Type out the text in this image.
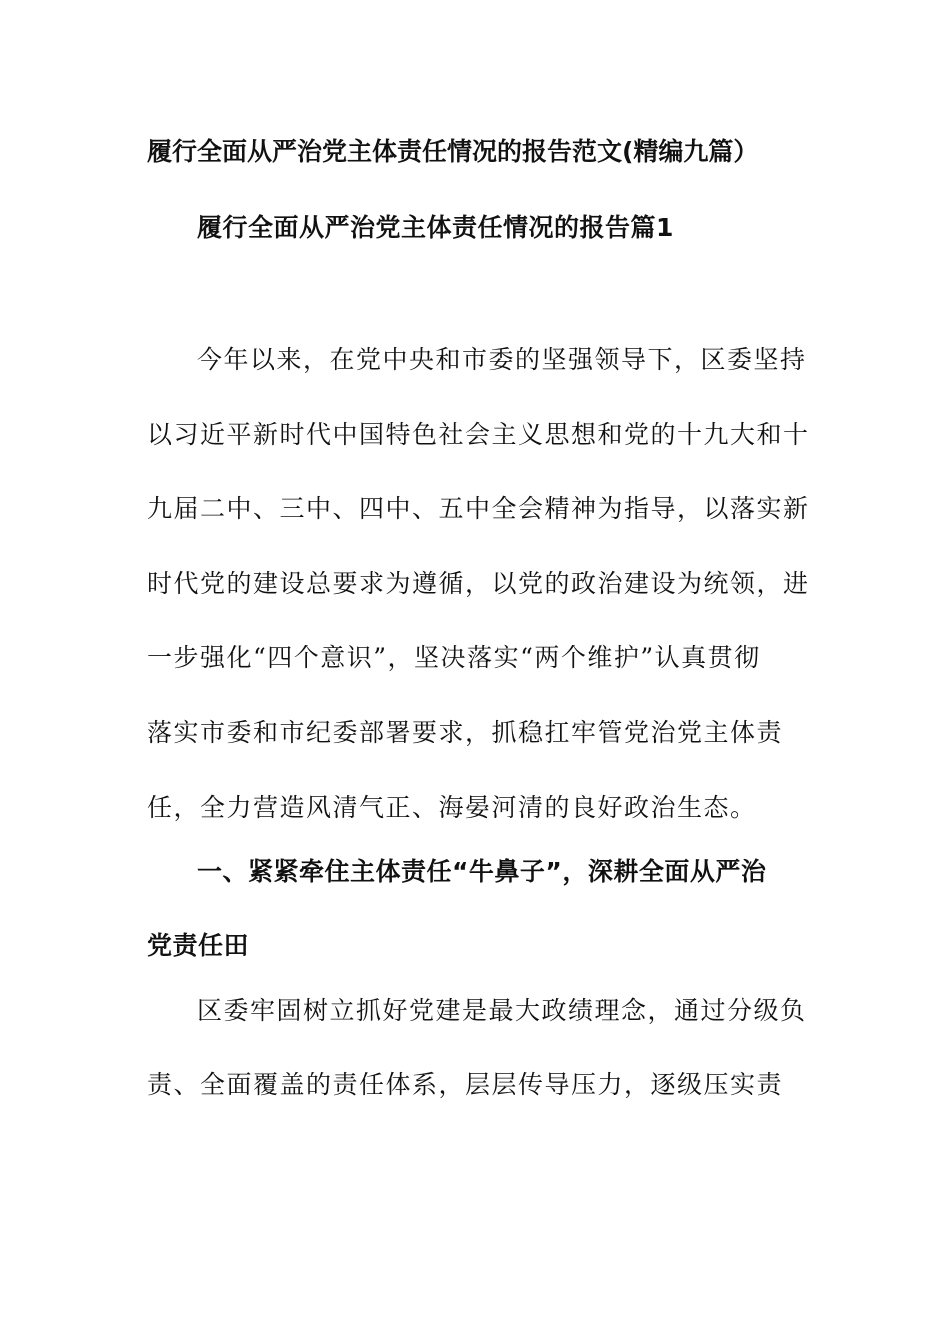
履行全面从严治党主体责任情况的报告范文(精编九篇）
履行全面从严治党主体责任情况的报告篇1
今年以来，在党中央和市委的坚强领导下，区委坚持
以习近平新时代中国特色社会主义思想和党的十九大和十
九届二中、三中、四中、五中全会精神为指导，以落实新
时代党的建设总要求为遵循，以党的政治建设为统领，进
一步强化“四个意识”，坚决落实“两个维护”认真贯彻
落实市委和市纪委部署要求，抓稳扛牢管党治党主体责
任，全力营造风清气正、海晏河清的良好政治生态。
一、紧紧牵住主体责任“牛鼻子”，深耕全面从严治
党责任田
区委牢固树立抓好党建是最大政绩理念，通过分级负
责、全面覆盖的责任体系，层层传导压力，逐级压实责
